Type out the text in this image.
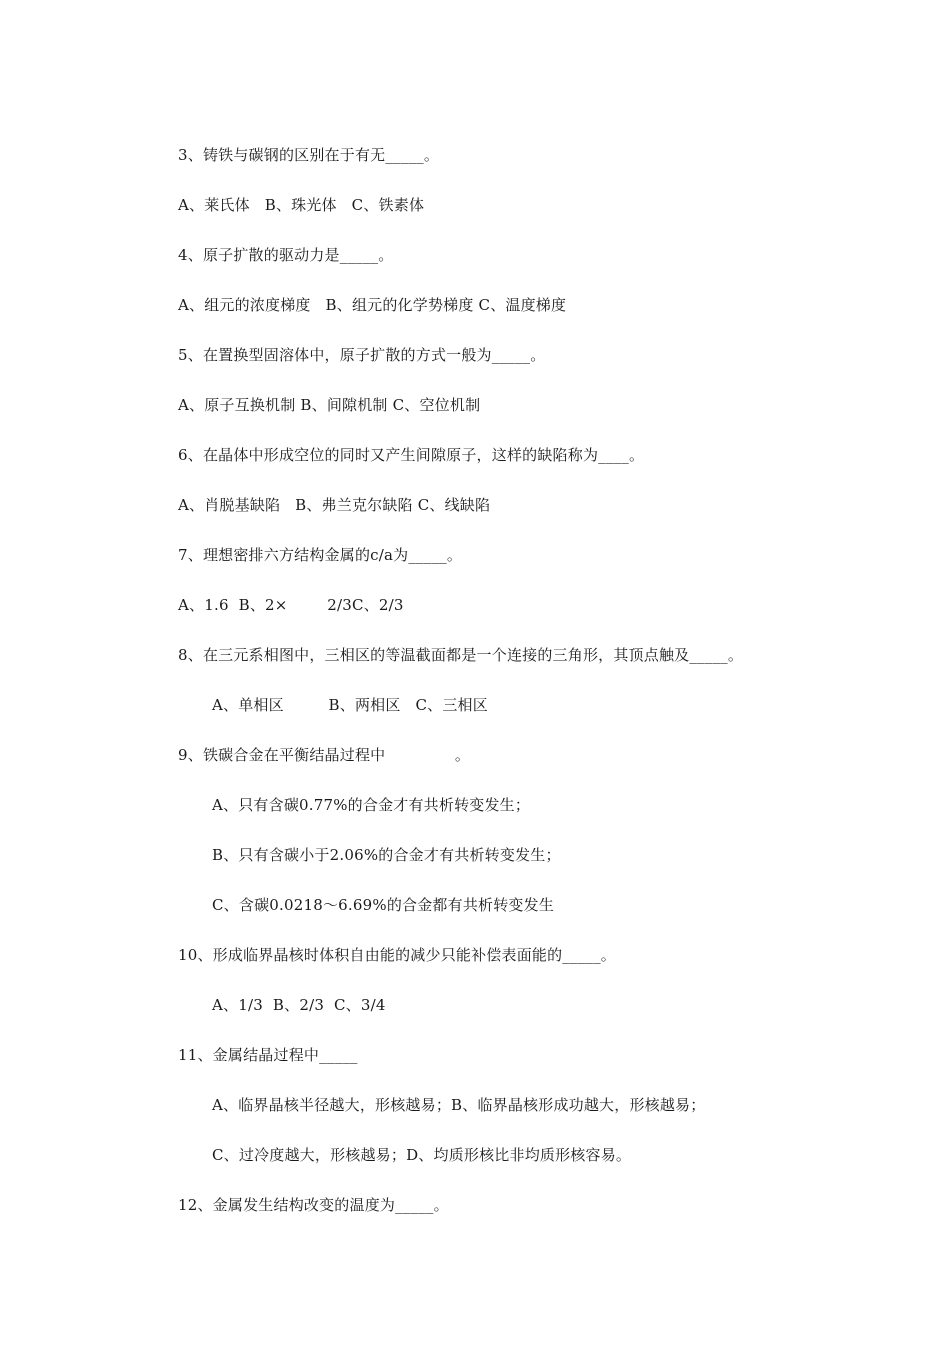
3、铸铁与碳钢的区别在于有无_____。
A、莱氏体   B、珠光体   C、铁素体
4、原子扩散的驱动力是_____。
A、组元的浓度梯度   B、组元的化学势梯度 C、温度梯度
5、在置换型固溶体中，原子扩散的方式一般为_____。
A、原子互换机制 B、间隙机制 C、空位机制
6、在晶体中形成空位的同时又产生间隙原子，这样的缺陷称为____。
A、肖脱基缺陷   B、弗兰克尔缺陷 C、线缺陷
7、理想密排六方结构金属的c/a为_____。
A、1.6  B、2×        2/3C、2/3
8、在三元系相图中，三相区的等温截面都是一个连接的三角形，其顶点触及_____。
A、单相区         B、两相区   C、三相区
9、铁碳合金在平衡结晶过程中              。
A、只有含碳0.77%的合金才有共析转变发生；
B、只有含碳小于2.06%的合金才有共析转变发生；
C、含碳0.0218～6.69%的合金都有共析转变发生
10、形成临界晶核时体积自由能的减少只能补偿表面能的_____。
A、1/3  B、2/3  C、3/4
11、金属结晶过程中_____
A、临界晶核半径越大，形核越易；B、临界晶核形成功越大，形核越易；
C、过冷度越大，形核越易；D、均质形核比非均质形核容易。
12、金属发生结构改变的温度为_____。
